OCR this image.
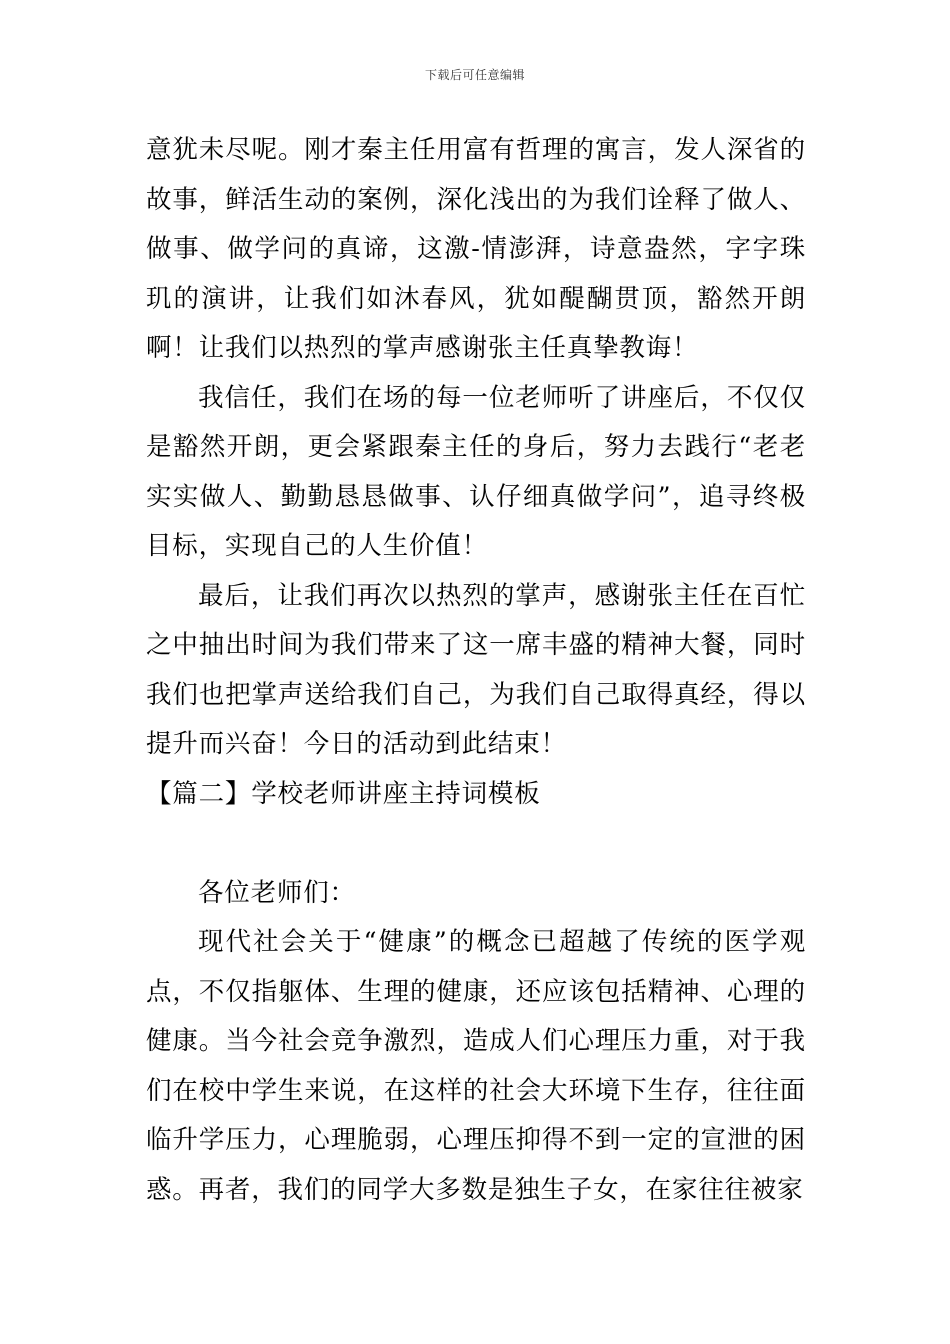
下载后可任意编辑

意犹未尽呢。刚才秦主任用富有哲理的寓言，发人深省的故事，鲜活生动的案例，深化浅出的为我们诠释了做人、做事、做学问的真谛，这激-情澎湃，诗意盎然，字字珠玑的演讲，让我们如沐春风，犹如醍醐贯顶，豁然开朗啊！让我们以热烈的掌声感谢张主任真挚教诲！

我信任，我们在场的每一位老师听了讲座后，不仅仅是豁然开朗，更会紧跟秦主任的身后，努力去践行“老老实实做人、勤勤恳恳做事、认仔细真做学问”，追寻终极目标，实现自己的人生价值！

最后，让我们再次以热烈的掌声，感谢张主任在百忙之中抽出时间为我们带来了这一席丰盛的精神大餐，同时我们也把掌声送给我们自己，为我们自己取得真经，得以提升而兴奋！今日的活动到此结束！

【篇二】学校老师讲座主持词模板

各位老师们：

现代社会关于“健康”的概念已超越了传统的医学观点，不仅指躯体、生理的健康，还应该包括精神、心理的健康。当今社会竞争激烈，造成人们心理压力重，对于我们在校中学生来说，在这样的社会大环境下生存，往往面临升学压力，心理脆弱，心理压抑得不到一定的宣泄的困惑。再者，我们的同学大多数是独生子女，在家往往被家
